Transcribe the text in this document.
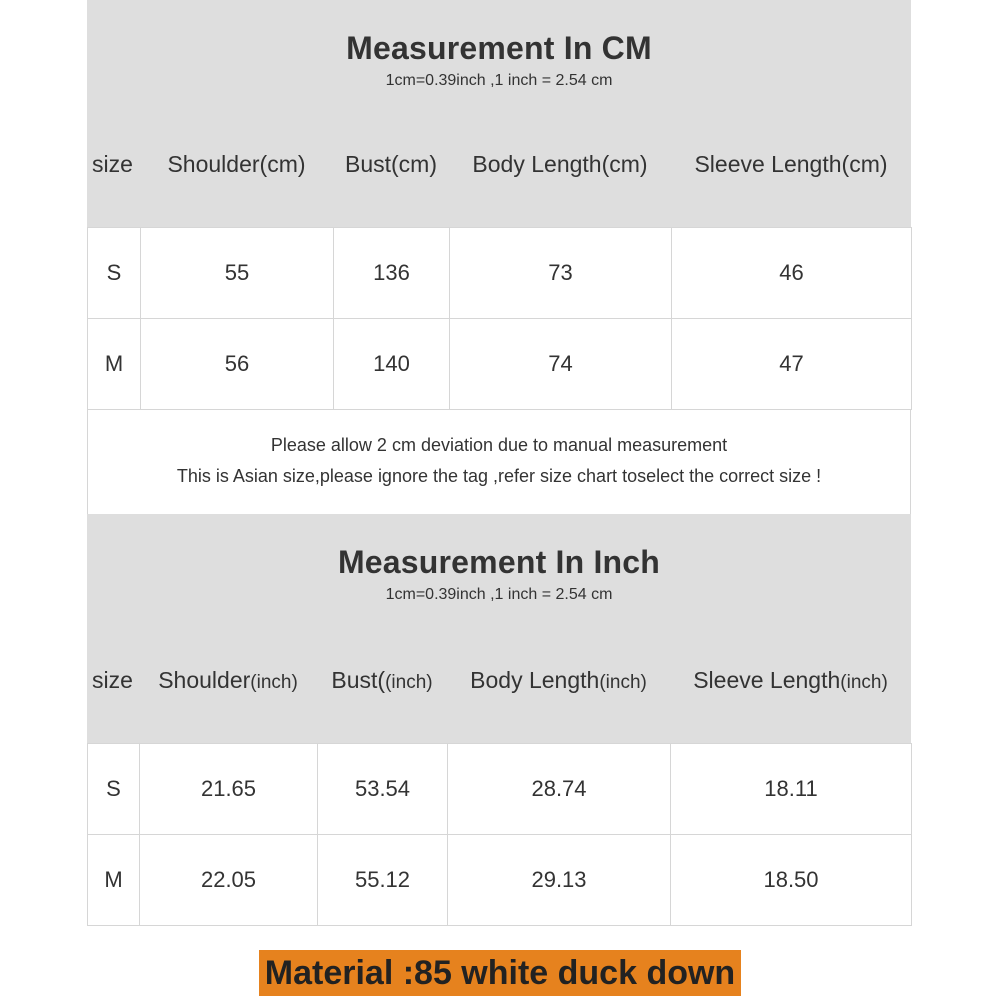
Measurement In CM
1cm=0.39inch ,1 inch = 2.54 cm
size	Shoulder(cm)	Bust(cm)	Body Length(cm)	Sleeve Length(cm)
S	55	136	73	46
M	56	140	74	47
Please allow 2 cm deviation due to manual measurement
This is Asian size,please ignore the tag ,refer size chart toselect the correct size !
Measurement In Inch
1cm=0.39inch ,1 inch = 2.54 cm
size	Shoulder(inch)	Bust((inch)	Body Length(inch)	Sleeve Length(inch)
S	21.65	53.54	28.74	18.11
M	22.05	55.12	29.13	18.50
Material :85 white duck down
